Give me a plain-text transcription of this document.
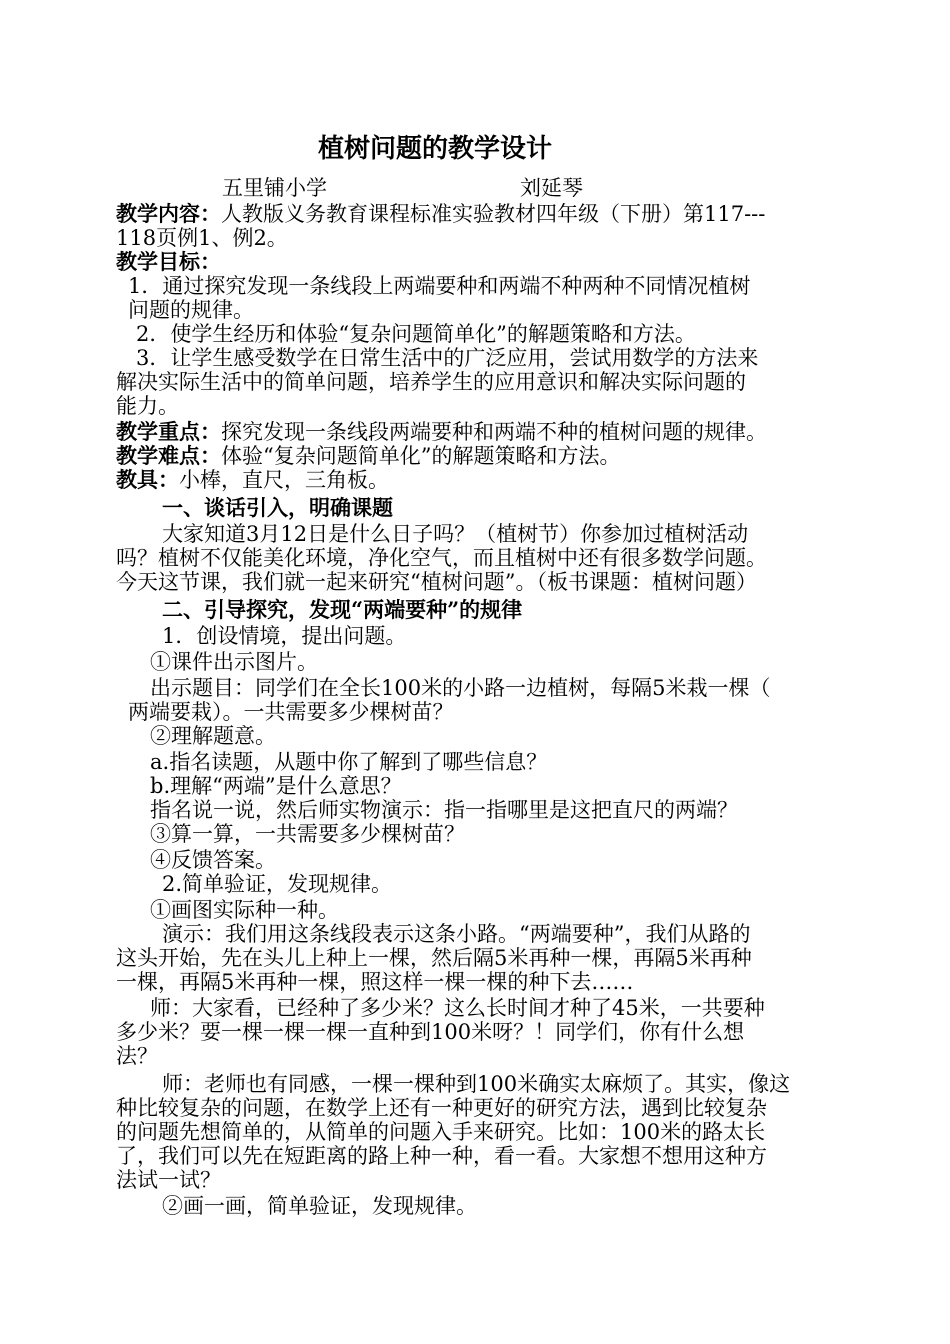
植树问题的教学设计
五里铺小学	刘延琴
教学内容：人教版义务教育课程标准实验教材四年级（下册）第117---
118页例1、例2。
教学目标：
1．通过探究发现一条线段上两端要种和两端不种两种不同情况植树
问题的规律。
2．使学生经历和体验“复杂问题简单化”的解题策略和方法。
3．让学生感受数学在日常生活中的广泛应用，尝试用数学的方法来
解决实际生活中的简单问题，培养学生的应用意识和解决实际问题的
能力。
教学重点：探究发现一条线段两端要种和两端不种的植树问题的规律。
教学难点：体验“复杂问题简单化”的解题策略和方法。
教具：小棒，直尺，三角板。
一、谈话引入，明确课题
大家知道3月12日是什么日子吗？（植树节）你参加过植树活动
吗？植树不仅能美化环境，净化空气，而且植树中还有很多数学问题。
今天这节课，我们就一起来研究“植树问题”。（板书课题：植树问题）
二、引导探究，发现“两端要种”的规律
1．创设情境，提出问题。
①课件出示图片。
出示题目：同学们在全长100米的小路一边植树，每隔5米栽一棵（
两端要栽）。一共需要多少棵树苗？
②理解题意。
a.指名读题，从题中你了解到了哪些信息？
b.理解“两端”是什么意思？
指名说一说，然后师实物演示：指一指哪里是这把直尺的两端？
③算一算，一共需要多少棵树苗？
④反馈答案。
2.简单验证，发现规律。
①画图实际种一种。
演示：我们用这条线段表示这条小路。“两端要种”，我们从路的
这头开始，先在头儿上种上一棵，然后隔5米再种一棵，再隔5米再种
一棵，再隔5米再种一棵，照这样一棵一棵的种下去……
师：大家看，已经种了多少米？这么长时间才种了45米，一共要种
多少米？要一棵一棵一棵一直种到100米呀？！同学们，你有什么想
法？
师：老师也有同感，一棵一棵种到100米确实太麻烦了。其实，像这
种比较复杂的问题，在数学上还有一种更好的研究方法，遇到比较复杂
的问题先想简单的，从简单的问题入手来研究。比如：100米的路太长
了，我们可以先在短距离的路上种一种，看一看。大家想不想用这种方
法试一试？
②画一画，简单验证，发现规律。
